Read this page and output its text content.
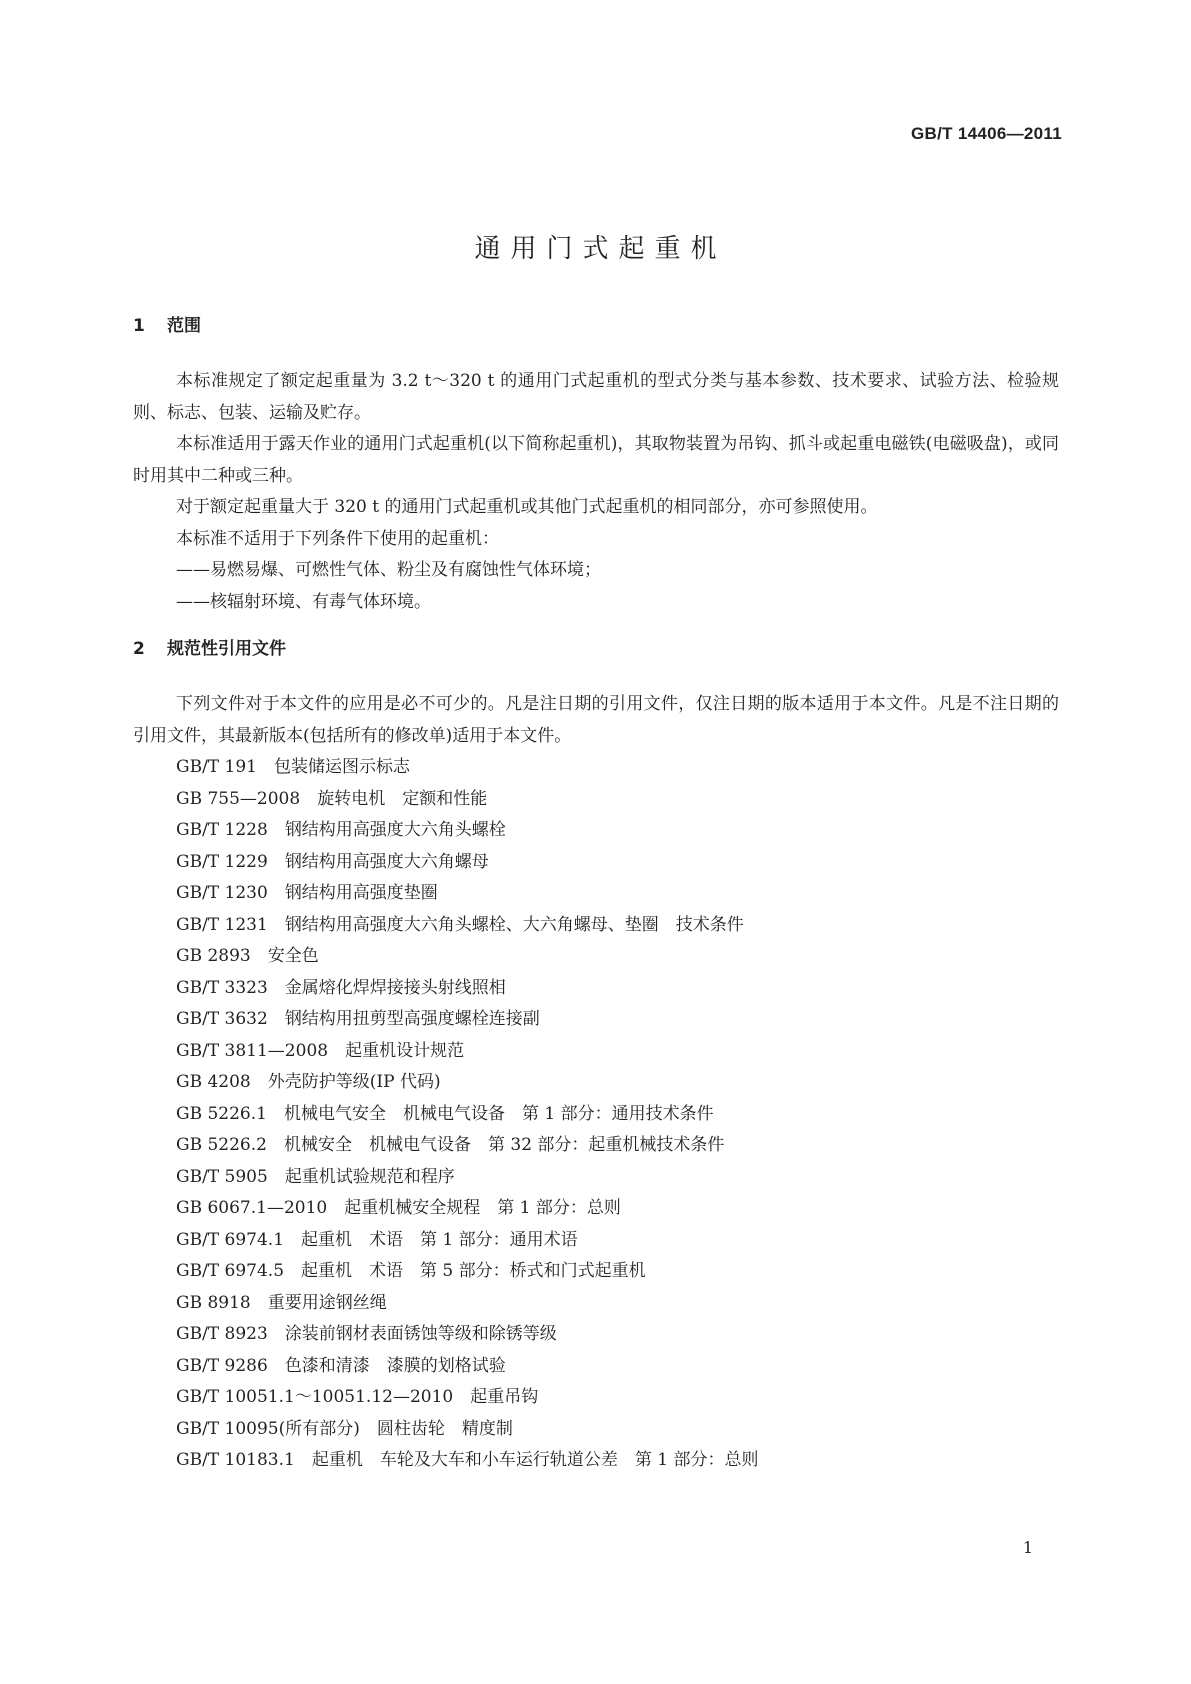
GB/T 14406—2011
通用门式起重机
1 范围

本标准规定了额定起重量为 3.2 t～320 t 的通用门式起重机的型式分类与基本参数、技术要求、试验方法、检验规则、标志、包装、运输及贮存。

本标准适用于露天作业的通用门式起重机(以下简称起重机)，其取物装置为吊钩、抓斗或起重电磁铁(电磁吸盘)，或同时用其中二种或三种。

对于额定起重量大于 320 t 的通用门式起重机或其他门式起重机的相同部分，亦可参照使用。

本标准不适用于下列条件下使用的起重机：

——易燃易爆、可燃性气体、粉尘及有腐蚀性气体环境；

——核辐射环境、有毒气体环境。

2 规范性引用文件

下列文件对于本文件的应用是必不可少的。凡是注日期的引用文件，仅注日期的版本适用于本文件。凡是不注日期的引用文件，其最新版本(包括所有的修改单)适用于本文件。

GB/T 191 包装储运图示标志

GB 755—2008 旋转电机　定额和性能

GB/T 1228 钢结构用高强度大六角头螺栓

GB/T 1229 钢结构用高强度大六角螺母

GB/T 1230 钢结构用高强度垫圈

GB/T 1231 钢结构用高强度大六角头螺栓、大六角螺母、垫圈　技术条件

GB 2893 安全色

GB/T 3323 金属熔化焊焊接接头射线照相

GB/T 3632 钢结构用扭剪型高强度螺栓连接副

GB/T 3811—2008 起重机设计规范

GB 4208 外壳防护等级(IP 代码)

GB 5226.1 机械电气安全　机械电气设备　第 1 部分：通用技术条件

GB 5226.2 机械安全　机械电气设备　第 32 部分：起重机械技术条件

GB/T 5905 起重机试验规范和程序

GB 6067.1—2010 起重机械安全规程　第 1 部分：总则

GB/T 6974.1 起重机　术语　第 1 部分：通用术语

GB/T 6974.5 起重机　术语　第 5 部分：桥式和门式起重机

GB 8918 重要用途钢丝绳

GB/T 8923 涂装前钢材表面锈蚀等级和除锈等级

GB/T 9286 色漆和清漆　漆膜的划格试验

GB/T 10051.1～10051.12—2010 起重吊钩

GB/T 10095(所有部分) 圆柱齿轮　精度制

GB/T 10183.1 起重机　车轮及大车和小车运行轨道公差　第 1 部分：总则

1
